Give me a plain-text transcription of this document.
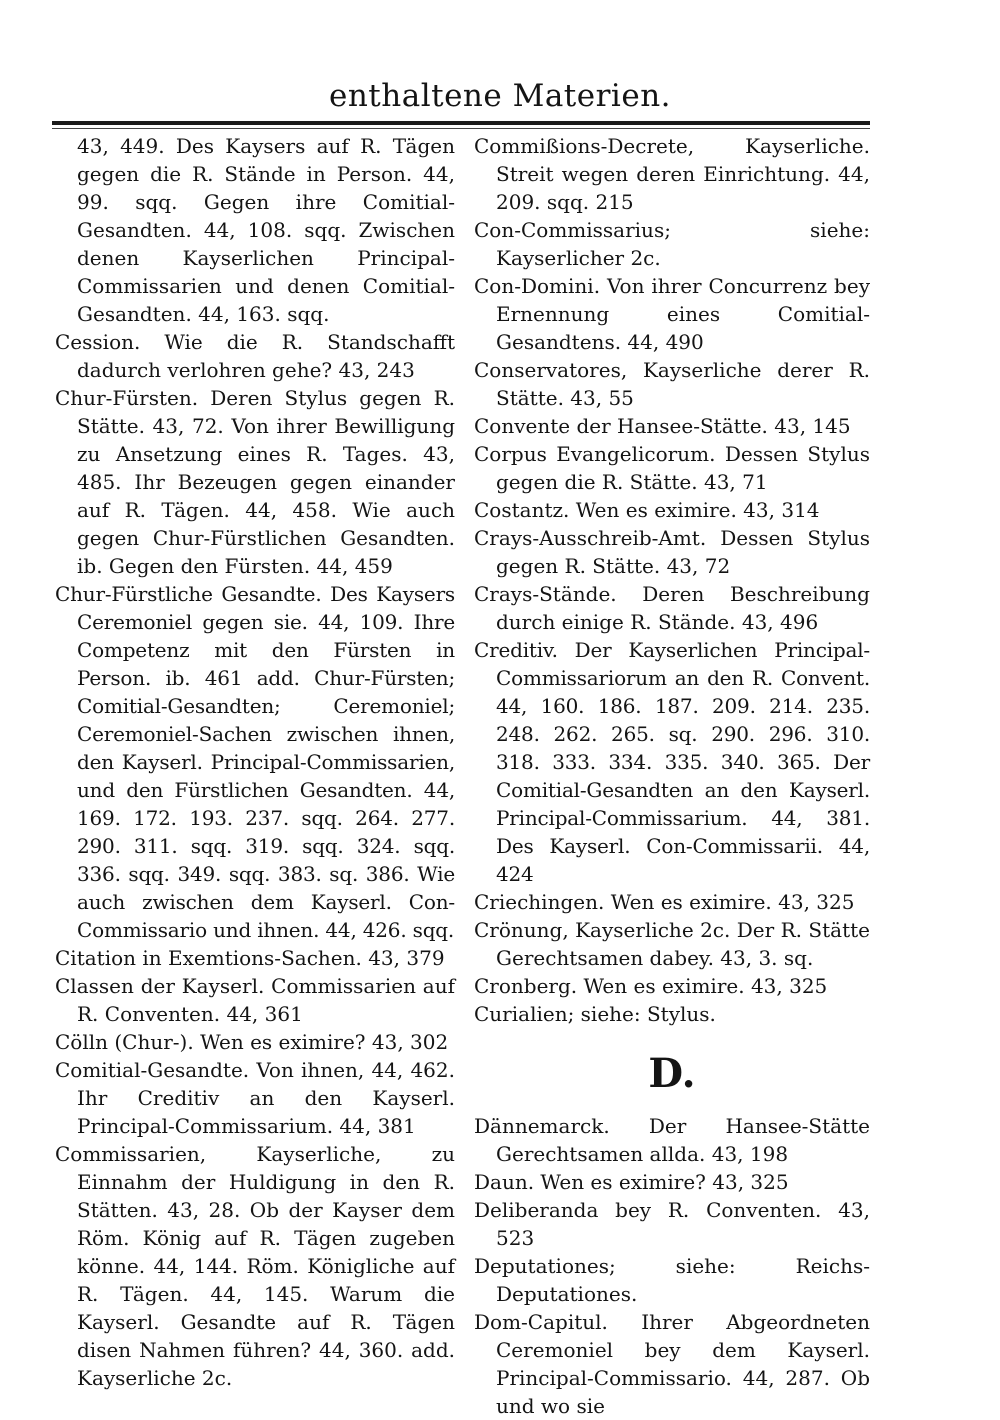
enthaltene Materien.

43, 449. Des Kaysers auf R. Tägen gegen die R. Stände in Person. 44, 99. sqq. Gegen ihre Comitial-Gesandten. 44, 108. sqq. Zwischen denen Kayserlichen Principal-Commissarien und denen Comitial-Gesandten. 44, 163. sqq.

Cession. Wie die R. Standschafft dadurch verlohren gehe? 43, 243

Chur-Fürsten. Deren Stylus gegen R. Stätte. 43, 72. Von ihrer Bewilligung zu Ansetzung eines R. Tages. 43, 485. Ihr Bezeugen gegen einander auf R. Tägen. 44, 458. Wie auch gegen Chur-Fürstlichen Gesandten. ib. Gegen den Fürsten. 44, 459

Chur-Fürstliche Gesandte. Des Kaysers Ceremoniel gegen sie. 44, 109. Ihre Competenz mit den Fürsten in Person. ib. 461 add. Chur-Fürsten; Comitial-Gesandten; Ceremoniel; Ceremoniel-Sachen zwischen ihnen, den Kayserl. Principal-Commissarien, und den Fürstlichen Gesandten. 44, 169. 172. 193. 237. sqq. 264. 277. 290. 311. sqq. 319. sqq. 324. sqq. 336. sqq. 349. sqq. 383. sq. 386. Wie auch zwischen dem Kayserl. Con-Commissario und ihnen. 44, 426. sqq.

Citation in Exemtions-Sachen. 43, 379

Classen der Kayserl. Commissarien auf R. Conventen. 44, 361

Cölln (Chur-). Wen es eximire? 43, 302

Comitial-Gesandte. Von ihnen, 44, 462. Ihr Creditiv an den Kayserl. Principal-Commissarium. 44, 381

Commissarien, Kayserliche, zu Einnahm der Huldigung in den R. Stätten. 43, 28. Ob der Kayser dem Röm. König auf R. Tägen zugeben könne. 44, 144. Röm. Königliche auf R. Tägen. 44, 145. Warum die Kayserl. Gesandte auf R. Tägen disen Nahmen führen? 44, 360. add. Kayserliche 2c.

Commißions-Decrete, Kayserliche. Streit wegen deren Einrichtung. 44, 209. sqq. 215

Con-Commissarius; siehe: Kayserlicher 2c.

Con-Domini. Von ihrer Concurrenz bey Ernennung eines Comitial-Gesandtens. 44, 490

Conservatores, Kayserliche derer R. Stätte. 43, 55

Convente der Hansee-Stätte. 43, 145

Corpus Evangelicorum. Dessen Stylus gegen die R. Stätte. 43, 71

Costantz. Wen es eximire. 43, 314

Crays-Ausschreib-Amt. Dessen Stylus gegen R. Stätte. 43, 72

Crays-Stände. Deren Beschreibung durch einige R. Stände. 43, 496

Creditiv. Der Kayserlichen Principal-Commissariorum an den R. Convent. 44, 160. 186. 187. 209. 214. 235. 248. 262. 265. sq. 290. 296. 310. 318. 333. 334. 335. 340. 365. Der Comitial-Gesandten an den Kayserl. Principal-Commissarium. 44, 381. Des Kayserl. Con-Commissarii. 44, 424

Criechingen. Wen es eximire. 43, 325

Crönung, Kayserliche 2c. Der R. Stätte Gerechtsamen dabey. 43, 3. sq.

Cronberg. Wen es eximire. 43, 325

Curialien; siehe: Stylus.

D.

Dännemarck. Der Hansee-Stätte Gerechtsamen allda. 43, 198

Daun. Wen es eximire? 43, 325

Deliberanda bey R. Conventen. 43, 523

Deputationes; siehe: Reichs-Deputationes.

Dom-Capitul. Ihrer Abgeordneten Ceremoniel bey dem Kayserl. Principal-Commissario. 44, 287. Ob und wo sie
